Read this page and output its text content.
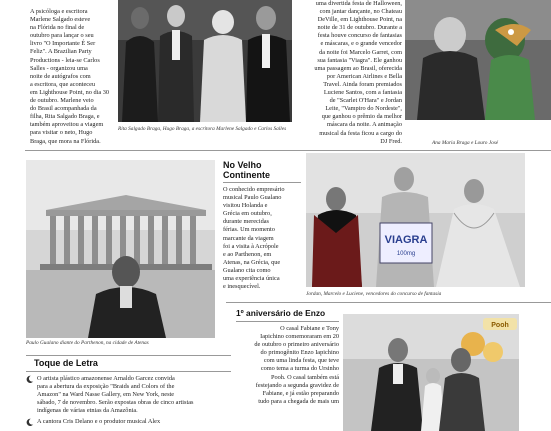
A psicóloga e escritora
Marlene Salgado esteve
na Flórida no final de
outubro para lançar o seu
livro "O Importante É Ser
Feliz". A Brazilian Party
Productions - leia-se Carlos
Salles - organizou uma
noite de autógrafos com
a escritora, que aconteceu
em Lighthouse Point, no dia 30
de outubro. Marlene veio
do Brasil acompanhada da
filha, Rita Salgado Braga, e
também aproveitou a viagem
para visitar o neto, Hugo
Braga, que mora na Flórida.
Rita Salgado Braga, Hugo Braga, a escritora Marlene Salgado e Carlos Salles
uma divertida festa de Halloween,
com jantar dançante, no Chateau
DeVille, em Lighthouse Point, na
noite de 31 de outubro. Durante a
festa houve concurso de fantasias
e máscaras, e o grande vencedor
da noite foi Marcelo Garret, com
sua fantasia "Viagra". Ele ganhou
uma passagem ao Brasil, oferecida
por American Airlines e Bella
Travel. Ainda foram premiados
Luciene Santos, com a fantasia
de "Scarlet O'Hara" e Jordan
Leite, "Vampiro do Nordeste",
que ganhou o prêmio da melhor
máscara da noite. A animação
musical da festa ficou a cargo do
DJ Fred.	Ana Maria Braga e Louro José
Paulo Gualano diante do Parthenon, na cidade de Atenas
No Velho
Continente
O conhecido empresário
musical Paulo Gualano
visitou Holanda e
Grécia em outubro,
durante merecidas
férias. Um momento
marcante da viagem
foi a visita à Acrópole
e ao Parthenon, em
Atenas, na Grécia, que
Gualano cita como
uma experiência única
e inesquecível.
VIAGRA
100mg
Jordan, Marcelo e Luciene, vencedores do concurso de fantasia
Toque de Letra
O artista plástico amazonense Arnaldo Garcez convida
para a abertura da exposição "Braids and Colors of the
Amazon" na Ward Nasse Gallery, em New York, neste
sábado, 7 de novembro. Serão expostas obras de cinco artistas
indígenas de várias etnias da Amazônia.
A cantora Cris Delano e o produtor musical Alex
1º aniversário de Enzo
O casal Fabiane e Tony
Iapichino comemoraram em 20
de outubro o primeiro aniversário
do primogênito Enzo Iapichino
com uma linda festa, que teve
como tema a turma do Ursinho
Pooh. O casal também está
festejando a segunda gravidez de
Fabiane, e já estão preparando
tudo para a chegada de mais um
Pooh
